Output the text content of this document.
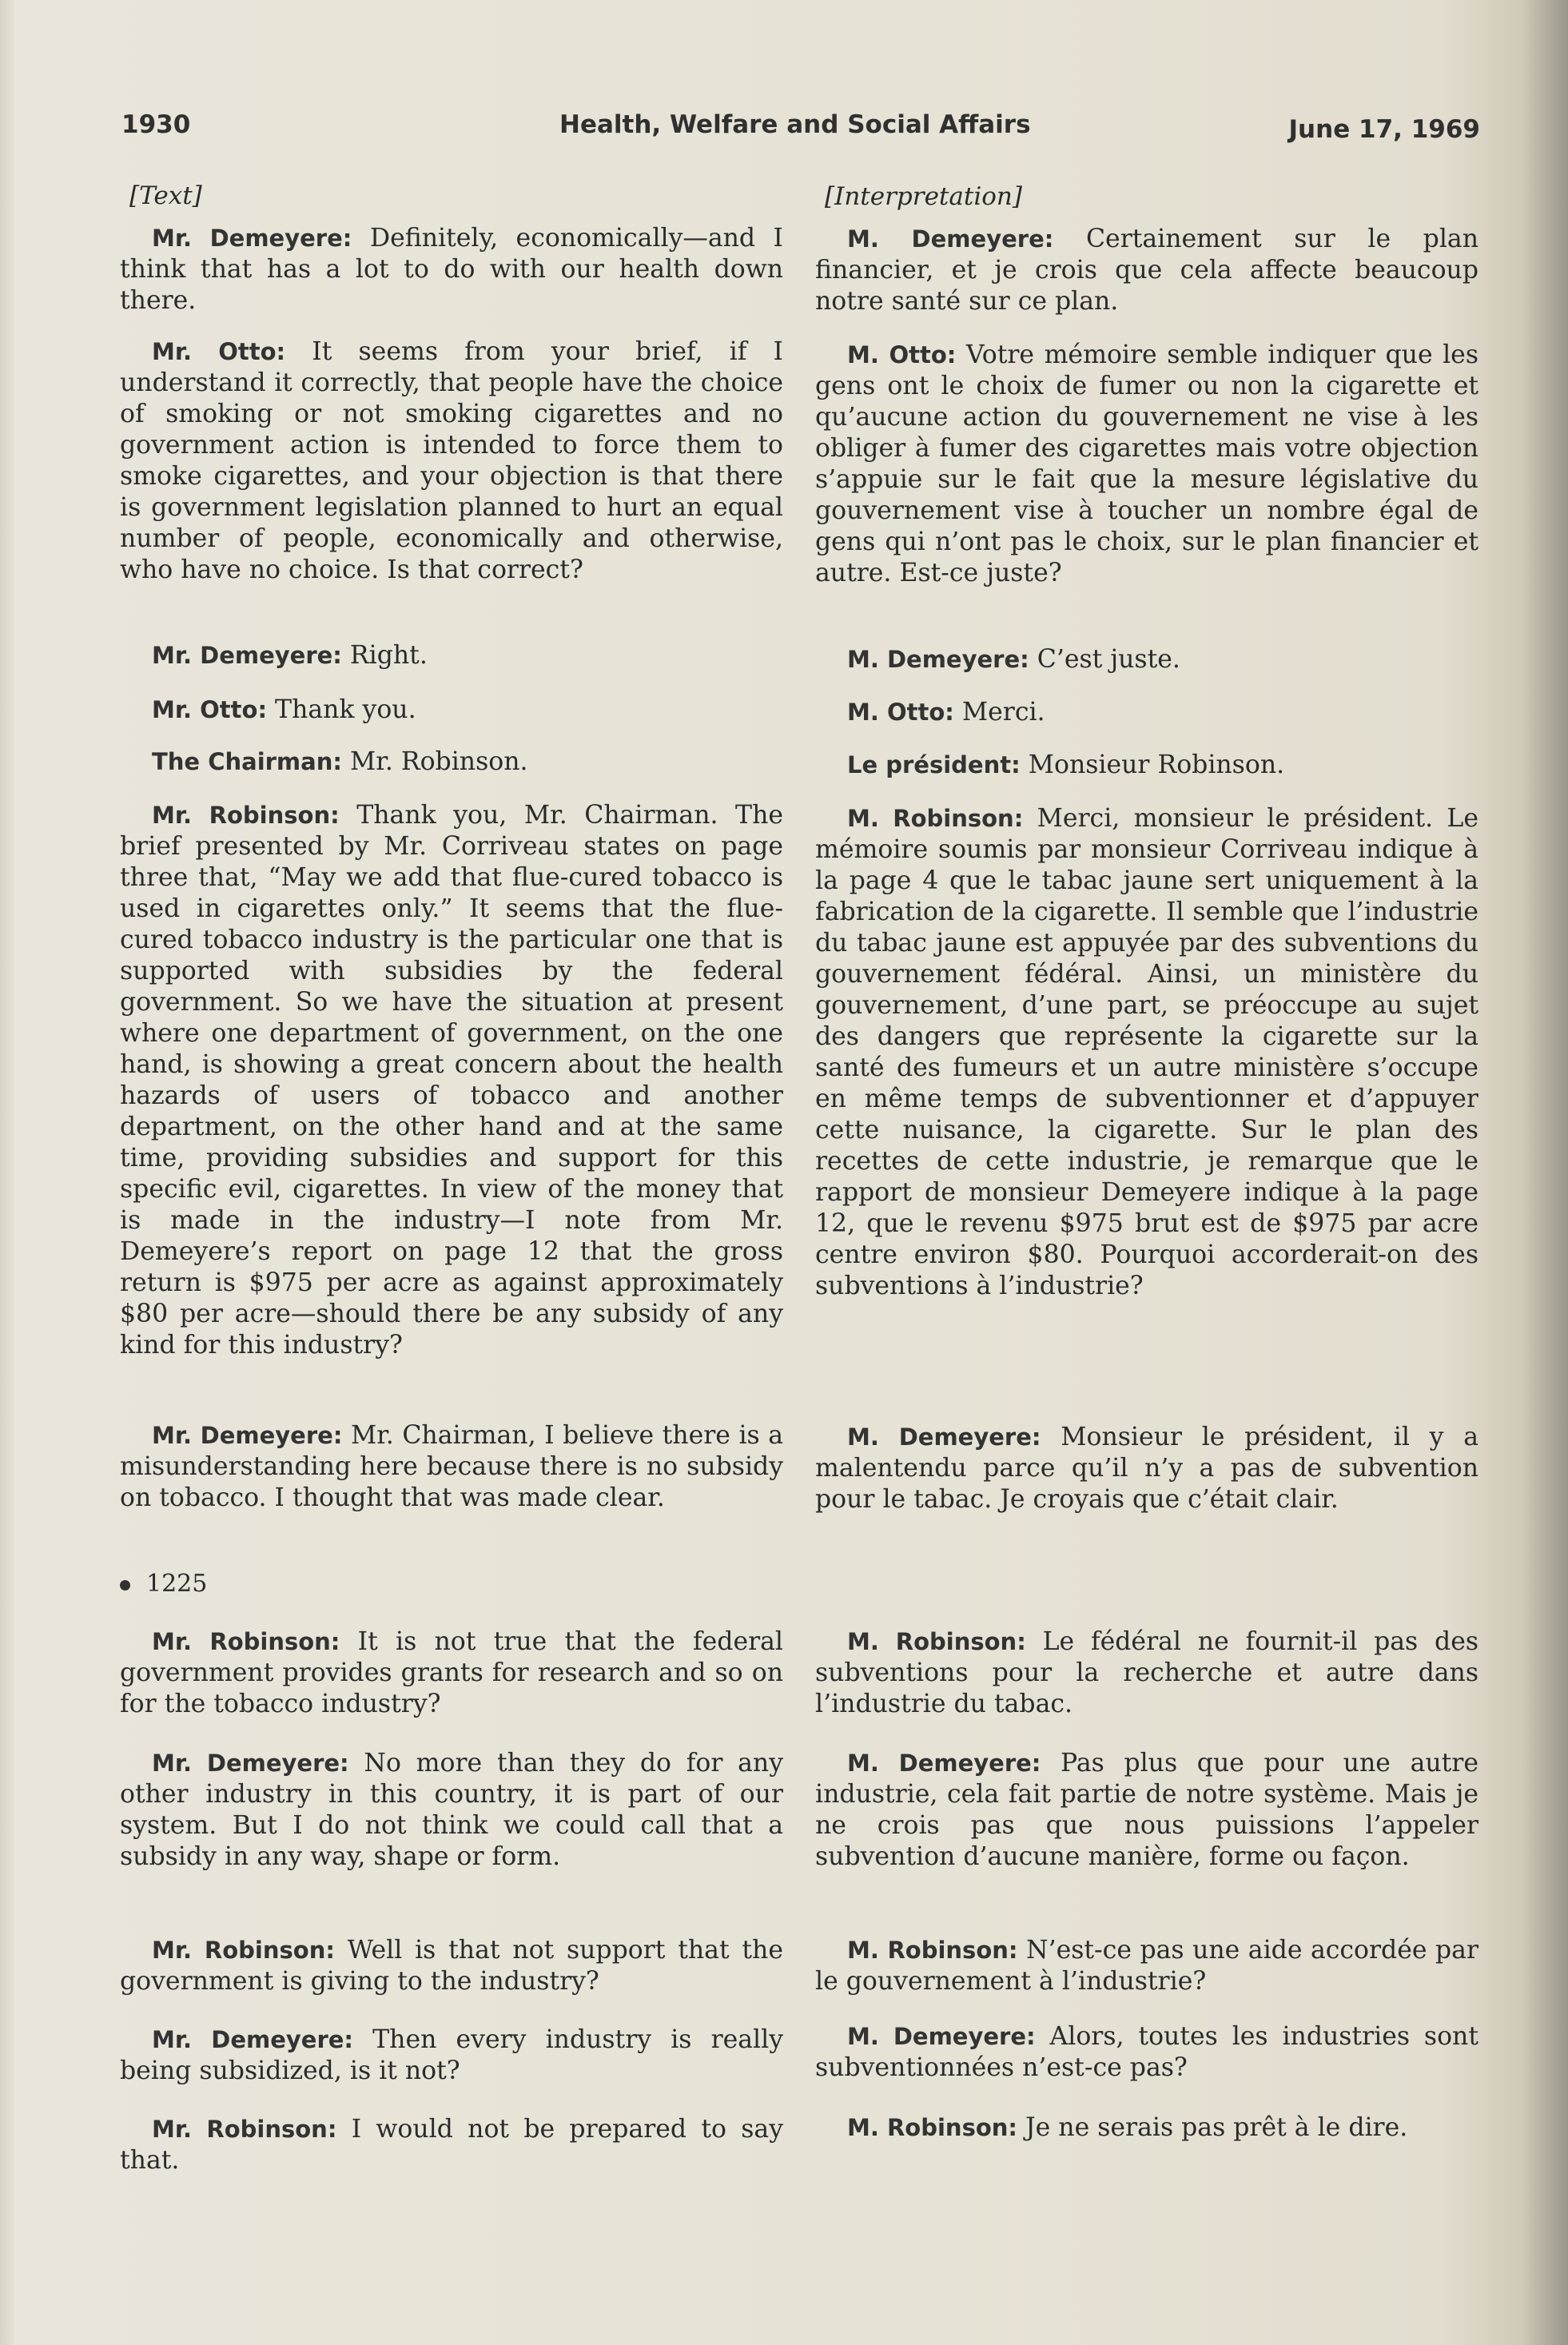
1930	Health, Welfare and Social Affairs	June 17, 1969
[Text]
Mr. Demeyere: Definitely, economically—and I think that has a lot to do with our health down there.
Mr. Otto: It seems from your brief, if I understand it correctly, that people have the choice of smoking or not smoking cigarettes and no government action is intended to force them to smoke cigarettes, and your objection is that there is government legislation planned to hurt an equal number of people, economically and otherwise, who have no choice. Is that correct?
Mr. Demeyere: Right.
Mr. Otto: Thank you.
The Chairman: Mr. Robinson.
Mr. Robinson: Thank you, Mr. Chairman. The brief presented by Mr. Corriveau states on page three that, “May we add that flue-cured tobacco is used in cigarettes only.” It seems that the flue-cured tobacco industry is the particular one that is supported with subsidies by the federal government. So we have the situation at present where one department of government, on the one hand, is showing a great concern about the health hazards of users of tobacco and another department, on the other hand and at the same time, providing subsidies and support for this specific evil, cigarettes. In view of the money that is made in the industry—I note from Mr. Demeyere’s report on page 12 that the gross return is $975 per acre as against approximately $80 per acre—should there be any subsidy of any kind for this industry?
Mr. Demeyere: Mr. Chairman, I believe there is a misunderstanding here because there is no subsidy on tobacco. I thought that was made clear.
1225
Mr. Robinson: It is not true that the federal government provides grants for research and so on for the tobacco industry?
Mr. Demeyere: No more than they do for any other industry in this country, it is part of our system. But I do not think we could call that a subsidy in any way, shape or form.
Mr. Robinson: Well is that not support that the government is giving to the industry?
Mr. Demeyere: Then every industry is really being subsidized, is it not?
Mr. Robinson: I would not be prepared to say that.
[Interpretation]
M. Demeyere: Certainement sur le plan financier, et je crois que cela affecte beaucoup notre santé sur ce plan.
M. Otto: Votre mémoire semble indiquer que les gens ont le choix de fumer ou non la cigarette et qu’aucune action du gouvernement ne vise à les obliger à fumer des cigarettes mais votre objection s’appuie sur le fait que la mesure législative du gouvernement vise à toucher un nombre égal de gens qui n’ont pas le choix, sur le plan financier et autre. Est-ce juste?
M. Demeyere: C’est juste.
M. Otto: Merci.
Le président: Monsieur Robinson.
M. Robinson: Merci, monsieur le président. Le mémoire soumis par monsieur Corriveau indique à la page 4 que le tabac jaune sert uniquement à la fabrication de la cigarette. Il semble que l’industrie du tabac jaune est appuyée par des subventions du gouvernement fédéral. Ainsi, un ministère du gouvernement, d’une part, se préoccupe au sujet des dangers que représente la cigarette sur la santé des fumeurs et un autre ministère s’occupe en même temps de subventionner et d’appuyer cette nuisance, la cigarette. Sur le plan des recettes de cette industrie, je remarque que le rapport de monsieur Demeyere indique à la page 12, que le revenu $975 brut est de $975 par acre centre environ $80. Pourquoi accorderait-on des subventions à l’industrie?
M. Demeyere: Monsieur le président, il y a malentendu parce qu’il n’y a pas de subvention pour le tabac. Je croyais que c’était clair.
M. Robinson: Le fédéral ne fournit-il pas des subventions pour la recherche et autre dans l’industrie du tabac.
M. Demeyere: Pas plus que pour une autre industrie, cela fait partie de notre système. Mais je ne crois pas que nous puissions l’appeler subvention d’aucune manière, forme ou façon.
M. Robinson: N’est-ce pas une aide accordée par le gouvernement à l’industrie?
M. Demeyere: Alors, toutes les industries sont subventionnées n’est-ce pas?
M. Robinson: Je ne serais pas prêt à le dire.
